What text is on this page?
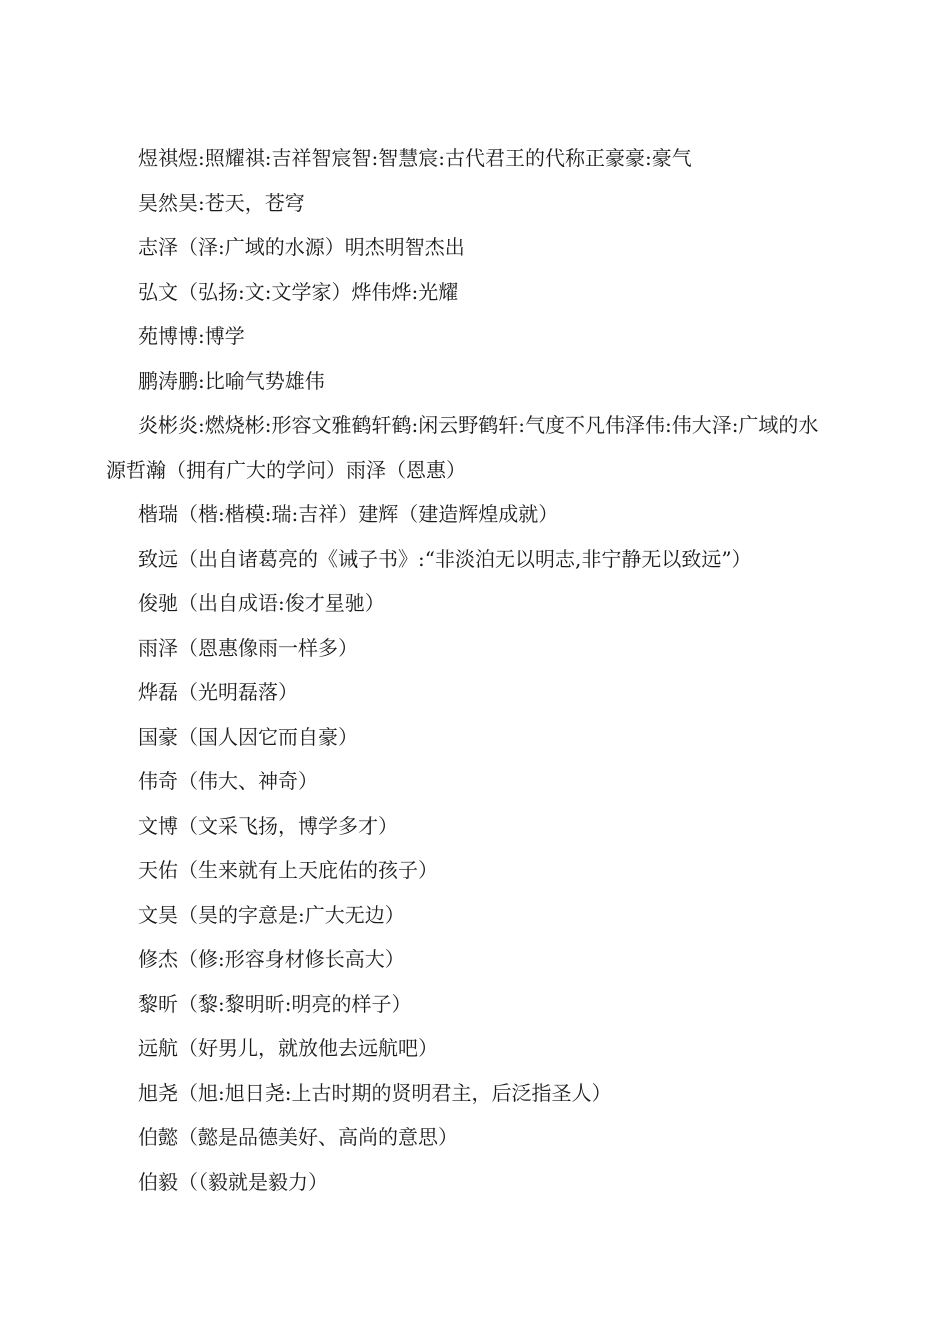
煜祺煜:照耀祺:吉祥智宸智:智慧宸:古代君王的代称正豪豪:豪气

昊然昊:苍天，苍穹

志泽（泽:广域的水源）明杰明智杰出

弘文（弘扬:文:文学家）烨伟烨:光耀

苑博博:博学

鹏涛鹏:比喻气势雄伟

炎彬炎:燃烧彬:形容文雅鹤轩鹤:闲云野鹤轩:气度不凡伟泽伟:伟大泽:广域的水源哲瀚（拥有广大的学问）雨泽（恩惠）

楷瑞（楷:楷模:瑞:吉祥）建辉（建造辉煌成就）

致远（出自诸葛亮的《诫子书》:“非淡泊无以明志,非宁静无以致远”）

俊驰（出自成语:俊才星驰）

雨泽（恩惠像雨一样多）

烨磊（光明磊落）

国豪（国人因它而自豪）

伟奇（伟大、神奇）

文博（文采飞扬，博学多才）

天佑（生来就有上天庇佑的孩子）

文昊（昊的字意是:广大无边）

修杰（修:形容身材修长高大）

黎昕（黎:黎明昕:明亮的样子）

远航（好男儿，就放他去远航吧）

旭尧（旭:旭日尧:上古时期的贤明君主，后泛指圣人）

伯懿（懿是品德美好、高尚的意思）

伯毅（（毅就是毅力）
